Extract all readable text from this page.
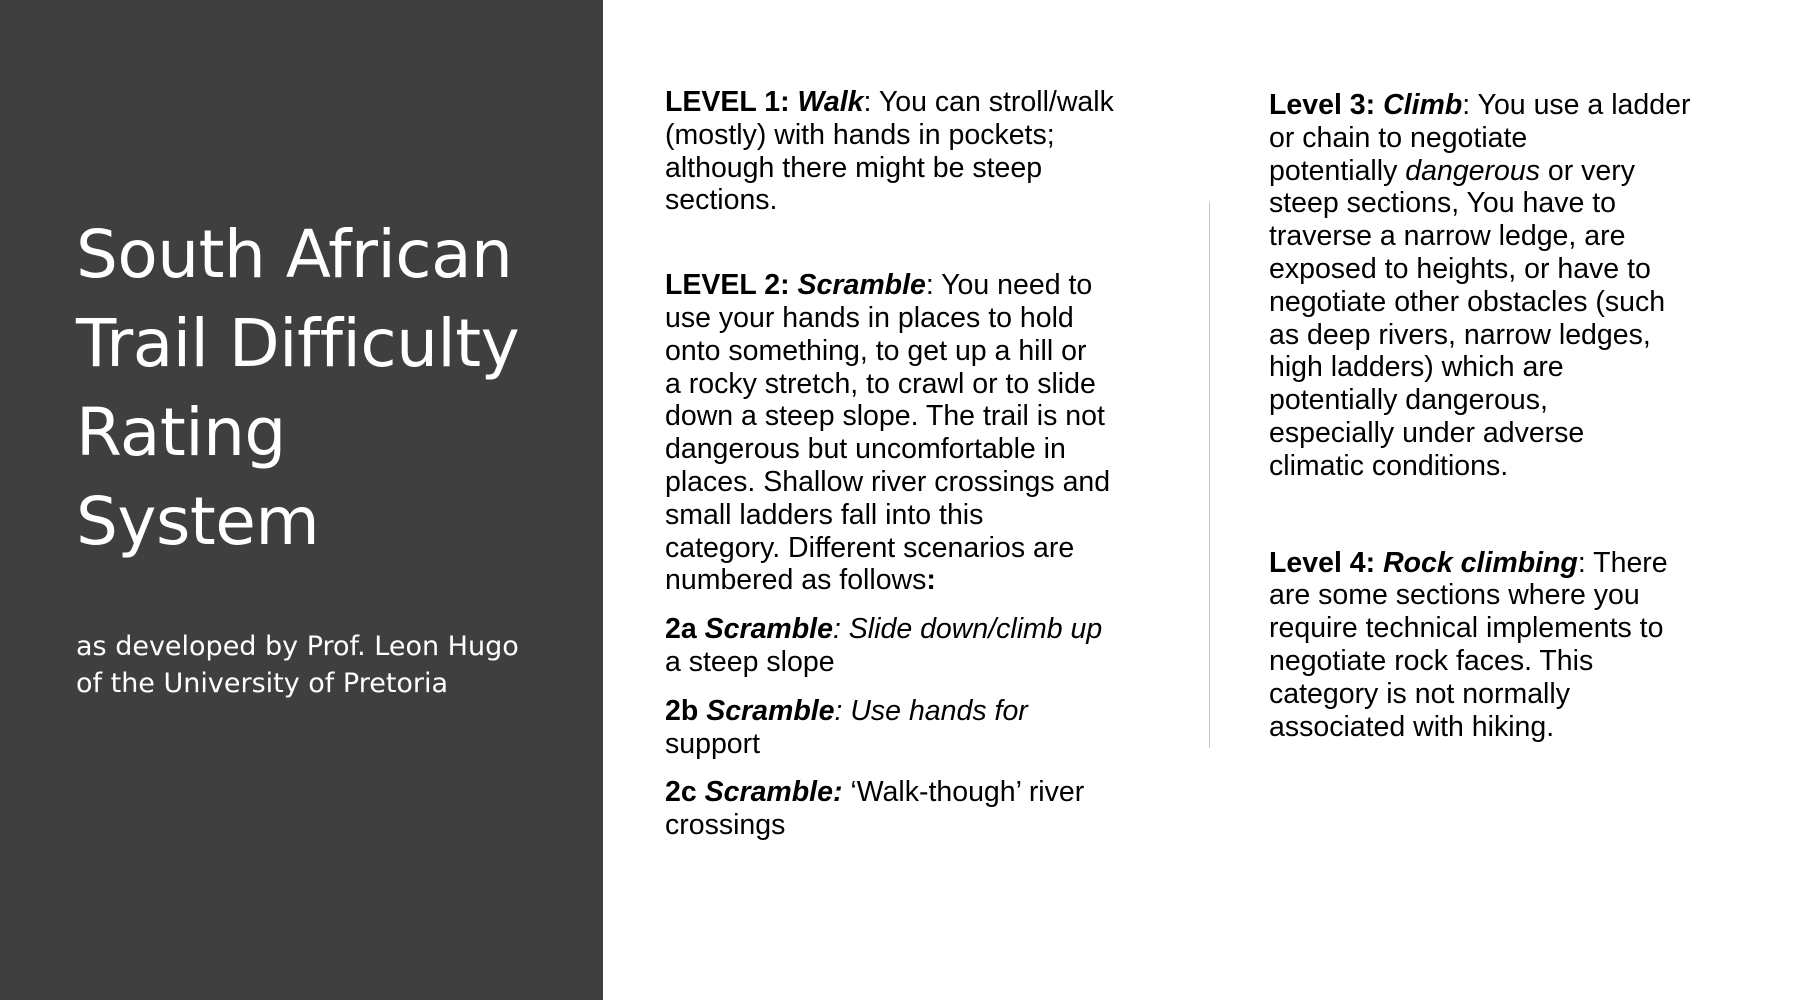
South African
Trail Difficulty
Rating
System

as developed by Prof. Leon Hugo
of the University of Pretoria

LEVEL 1: Walk: You can stroll/walk
(mostly) with hands in pockets;
although there might be steep
sections.

LEVEL 2: Scramble: You need to
use your hands in places to hold
onto something, to get up a hill or
a rocky stretch, to crawl or to slide
down a steep slope. The trail is not
dangerous but uncomfortable in
places. Shallow river crossings and
small ladders fall into this
category. Different scenarios are
numbered as follows:

2a Scramble: Slide down/climb up
a steep slope

2b Scramble: Use hands for
support

2c Scramble: ‘Walk-though’ river
crossings

Level 3: Climb: You use a ladder
or chain to negotiate
potentially dangerous or very
steep sections, You have to
traverse a narrow ledge, are
exposed to heights, or have to
negotiate other obstacles (such
as deep rivers, narrow ledges,
high ladders) which are
potentially dangerous,
especially under adverse
climatic conditions.

Level 4: Rock climbing: There
are some sections where you
require technical implements to
negotiate rock faces. This
category is not normally
associated with hiking.
